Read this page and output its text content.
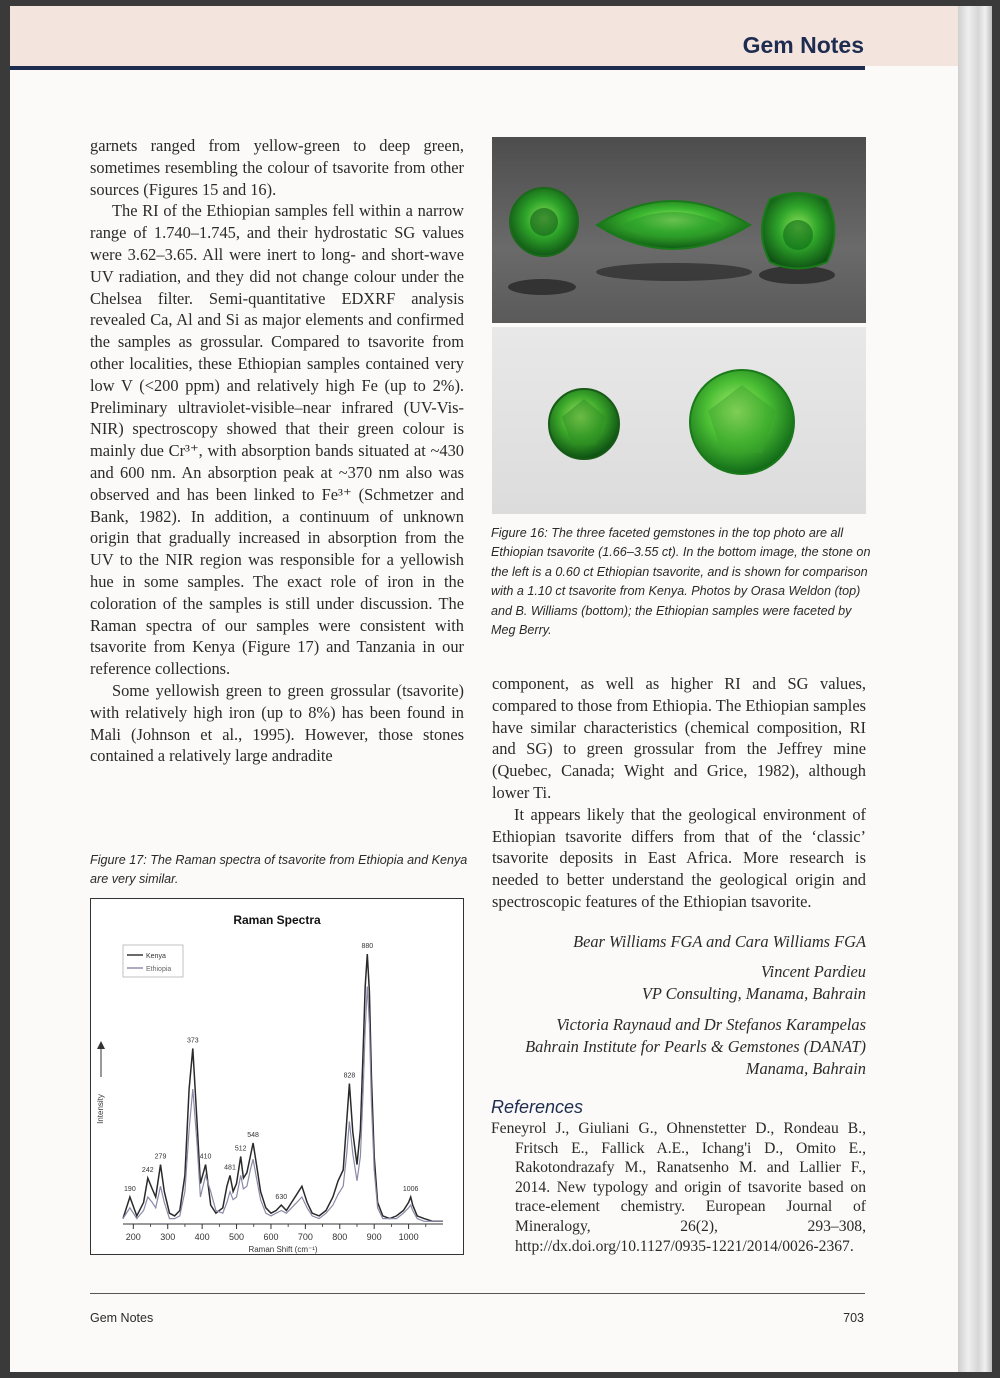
Gem Notes

garnets ranged from yellow-green to deep green, sometimes resembling the colour of tsavorite from other sources (Figures 15 and 16).

The RI of the Ethiopian samples fell within a narrow range of 1.740–1.745, and their hydrostatic SG values were 3.62–3.65. All were inert to long- and short-wave UV radiation, and they did not change colour under the Chelsea filter. Semi-quantitative EDXRF analysis revealed Ca, Al and Si as major elements and confirmed the samples as grossular. Compared to tsavorite from other localities, these Ethiopian samples contained very low V (<200 ppm) and relatively high Fe (up to 2%). Preliminary ultraviolet-visible–near infrared (UV-Vis-NIR) spectroscopy showed that their green colour is mainly due Cr³⁺, with absorption bands situated at ~430 and 600 nm. An absorption peak at ~370 nm also was observed and has been linked to Fe³⁺ (Schmetzer and Bank, 1982). In addition, a continuum of unknown origin that gradually increased in absorption from the UV to the NIR region was responsible for a yellowish hue in some samples. The exact role of iron in the coloration of the samples is still under discussion. The Raman spectra of our samples were consistent with tsavorite from Kenya (Figure 17) and Tanzania in our reference collections.

Some yellowish green to green grossular (tsavorite) with relatively high iron (up to 8%) has been found in Mali (Johnson et al., 1995). However, those stones contained a relatively large andradite

Figure 16: The three faceted gemstones in the top photo are all Ethiopian tsavorite (1.66–3.55 ct). In the bottom image, the stone on the left is a 0.60 ct Ethiopian tsavorite, and is shown for comparison with a 1.10 ct tsavorite from Kenya. Photos by Orasa Weldon (top) and B. Williams (bottom); the Ethiopian samples were faceted by Meg Berry.

component, as well as higher RI and SG values, compared to those from Ethiopia. The Ethiopian samples have similar characteristics (chemical composition, RI and SG) to green grossular from the Jeffrey mine (Quebec, Canada; Wight and Grice, 1982), although lower Ti.

It appears likely that the geological environment of Ethiopian tsavorite differs from that of the ‘classic’ tsavorite deposits in East Africa. More research is needed to better understand the geological origin and spectroscopic features of the Ethiopian tsavorite.

Bear Williams FGA and Cara Williams FGA
Vincent Pardieu
VP Consulting, Manama, Bahrain
Victoria Raynaud and Dr Stefanos Karampelas
Bahrain Institute for Pearls & Gemstones (DANAT)
Manama, Bahrain
References
Feneyrol J., Giuliani G., Ohnenstetter D., Rondeau B., Fritsch E., Fallick A.E., Ichang'i D., Omito E., Rakotondrazafy M., Ranatsenho M. and Lallier F., 2014. New typology and origin of tsavorite based on trace-element chemistry. European Journal of Mineralogy, 26(2), 293–308, http://dx.doi.org/10.1127/0935-1221/2014/0026-2367.
Figure 17: The Raman spectra of tsavorite from Ethiopia and Kenya are very similar.
Raman Spectra
200 300 400 500 600 700 800 900 1000
Raman Shift (cm⁻¹)
Intensity
Kenya
Ethiopia
190
242
279
373
410
481
512
548
630
828
880
1006
Gem Notes	703
